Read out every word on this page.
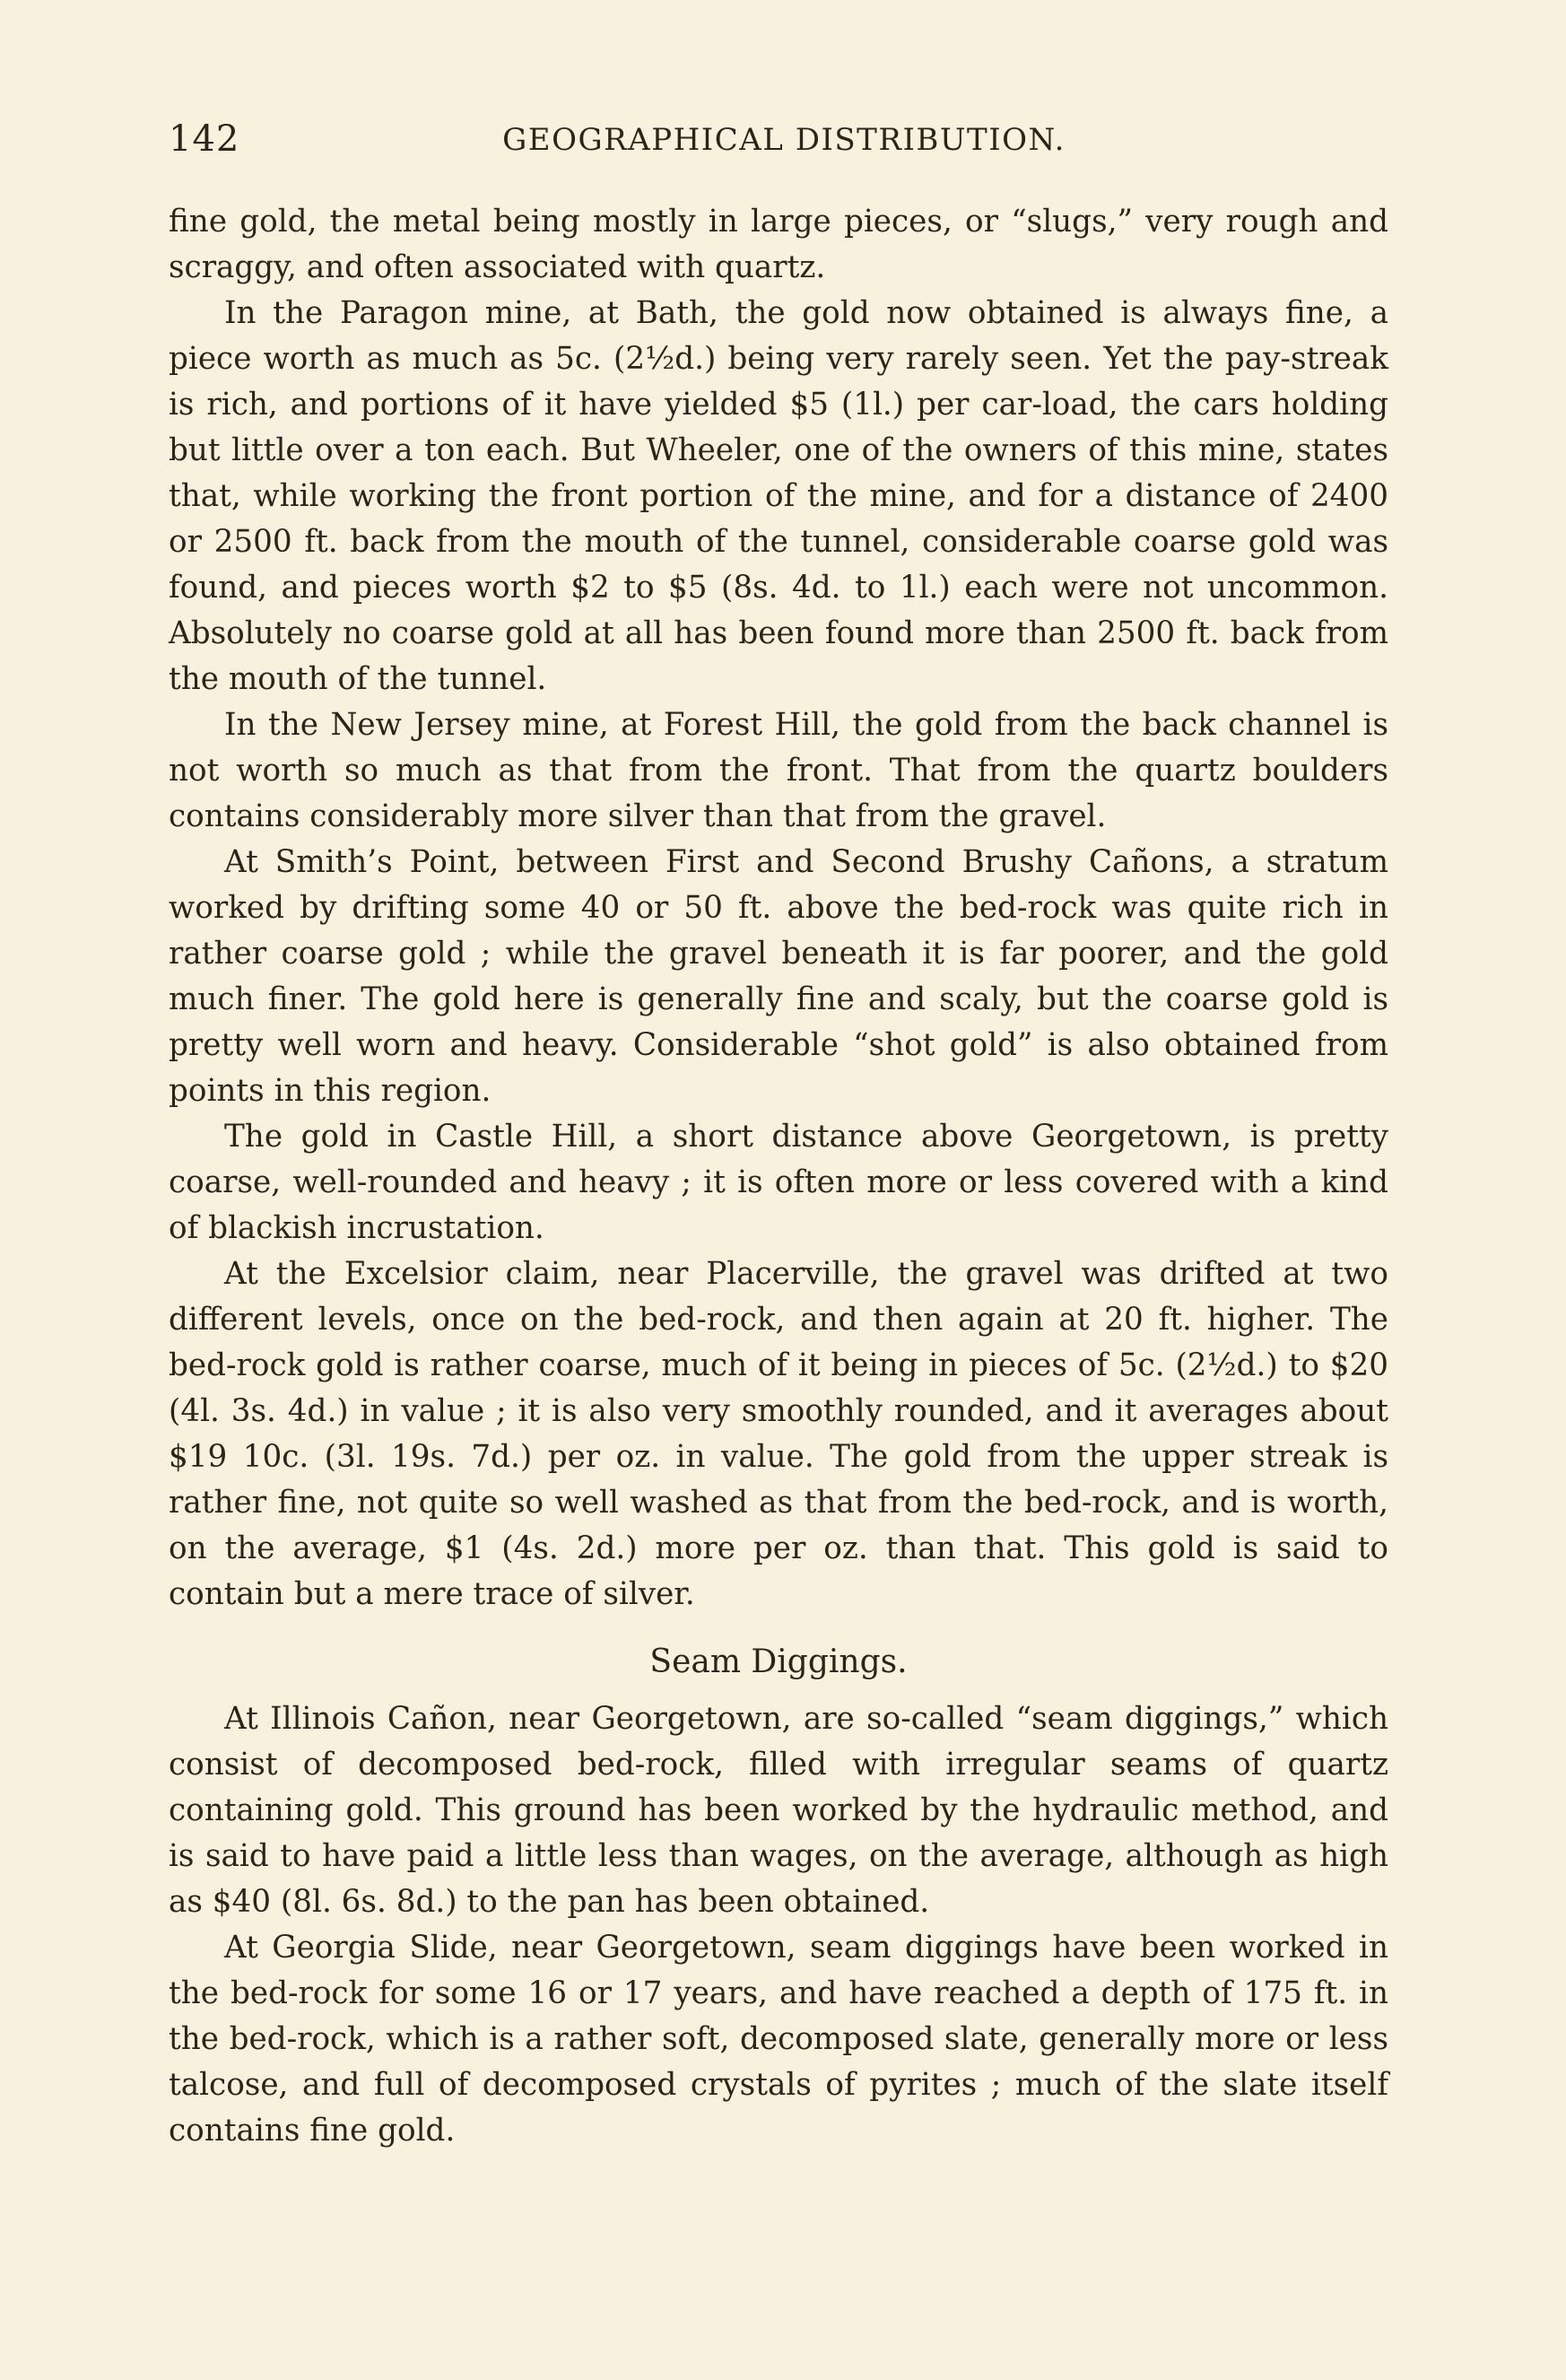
142	GEOGRAPHICAL DISTRIBUTION.

fine gold, the metal being mostly in large pieces, or “slugs,” very rough and scraggy, and often associated with quartz.

In the Paragon mine, at Bath, the gold now obtained is always fine, a piece worth as much as 5c. (2½d.) being very rarely seen. Yet the pay-streak is rich, and portions of it have yielded $5 (1l.) per car-load, the cars holding but little over a ton each. But Wheeler, one of the owners of this mine, states that, while working the front portion of the mine, and for a distance of 2400 or 2500 ft. back from the mouth of the tunnel, considerable coarse gold was found, and pieces worth $2 to $5 (8s. 4d. to 1l.) each were not uncommon. Absolutely no coarse gold at all has been found more than 2500 ft. back from the mouth of the tunnel.

In the New Jersey mine, at Forest Hill, the gold from the back channel is not worth so much as that from the front. That from the quartz boulders contains considerably more silver than that from the gravel.

At Smith’s Point, between First and Second Brushy Cañons, a stratum worked by drifting some 40 or 50 ft. above the bed-rock was quite rich in rather coarse gold ; while the gravel beneath it is far poorer, and the gold much finer. The gold here is generally fine and scaly, but the coarse gold is pretty well worn and heavy. Considerable “shot gold” is also obtained from points in this region.

The gold in Castle Hill, a short distance above Georgetown, is pretty coarse, well-rounded and heavy ; it is often more or less covered with a kind of blackish incrustation.

At the Excelsior claim, near Placerville, the gravel was drifted at two different levels, once on the bed-rock, and then again at 20 ft. higher. The bed-rock gold is rather coarse, much of it being in pieces of 5c. (2½d.) to $20 (4l. 3s. 4d.) in value ; it is also very smoothly rounded, and it averages about $19 10c. (3l. 19s. 7d.) per oz. in value. The gold from the upper streak is rather fine, not quite so well washed as that from the bed-rock, and is worth, on the average, $1 (4s. 2d.) more per oz. than that. This gold is said to contain but a mere trace of silver.

Seam Diggings.

At Illinois Cañon, near Georgetown, are so-called “seam diggings,” which consist of decomposed bed-rock, filled with irregular seams of quartz containing gold. This ground has been worked by the hydraulic method, and is said to have paid a little less than wages, on the average, although as high as $40 (8l. 6s. 8d.) to the pan has been obtained.

At Georgia Slide, near Georgetown, seam diggings have been worked in the bed-rock for some 16 or 17 years, and have reached a depth of 175 ft. in the bed-rock, which is a rather soft, decomposed slate, generally more or less talcose, and full of decomposed crystals of pyrites ; much of the slate itself contains fine gold.
